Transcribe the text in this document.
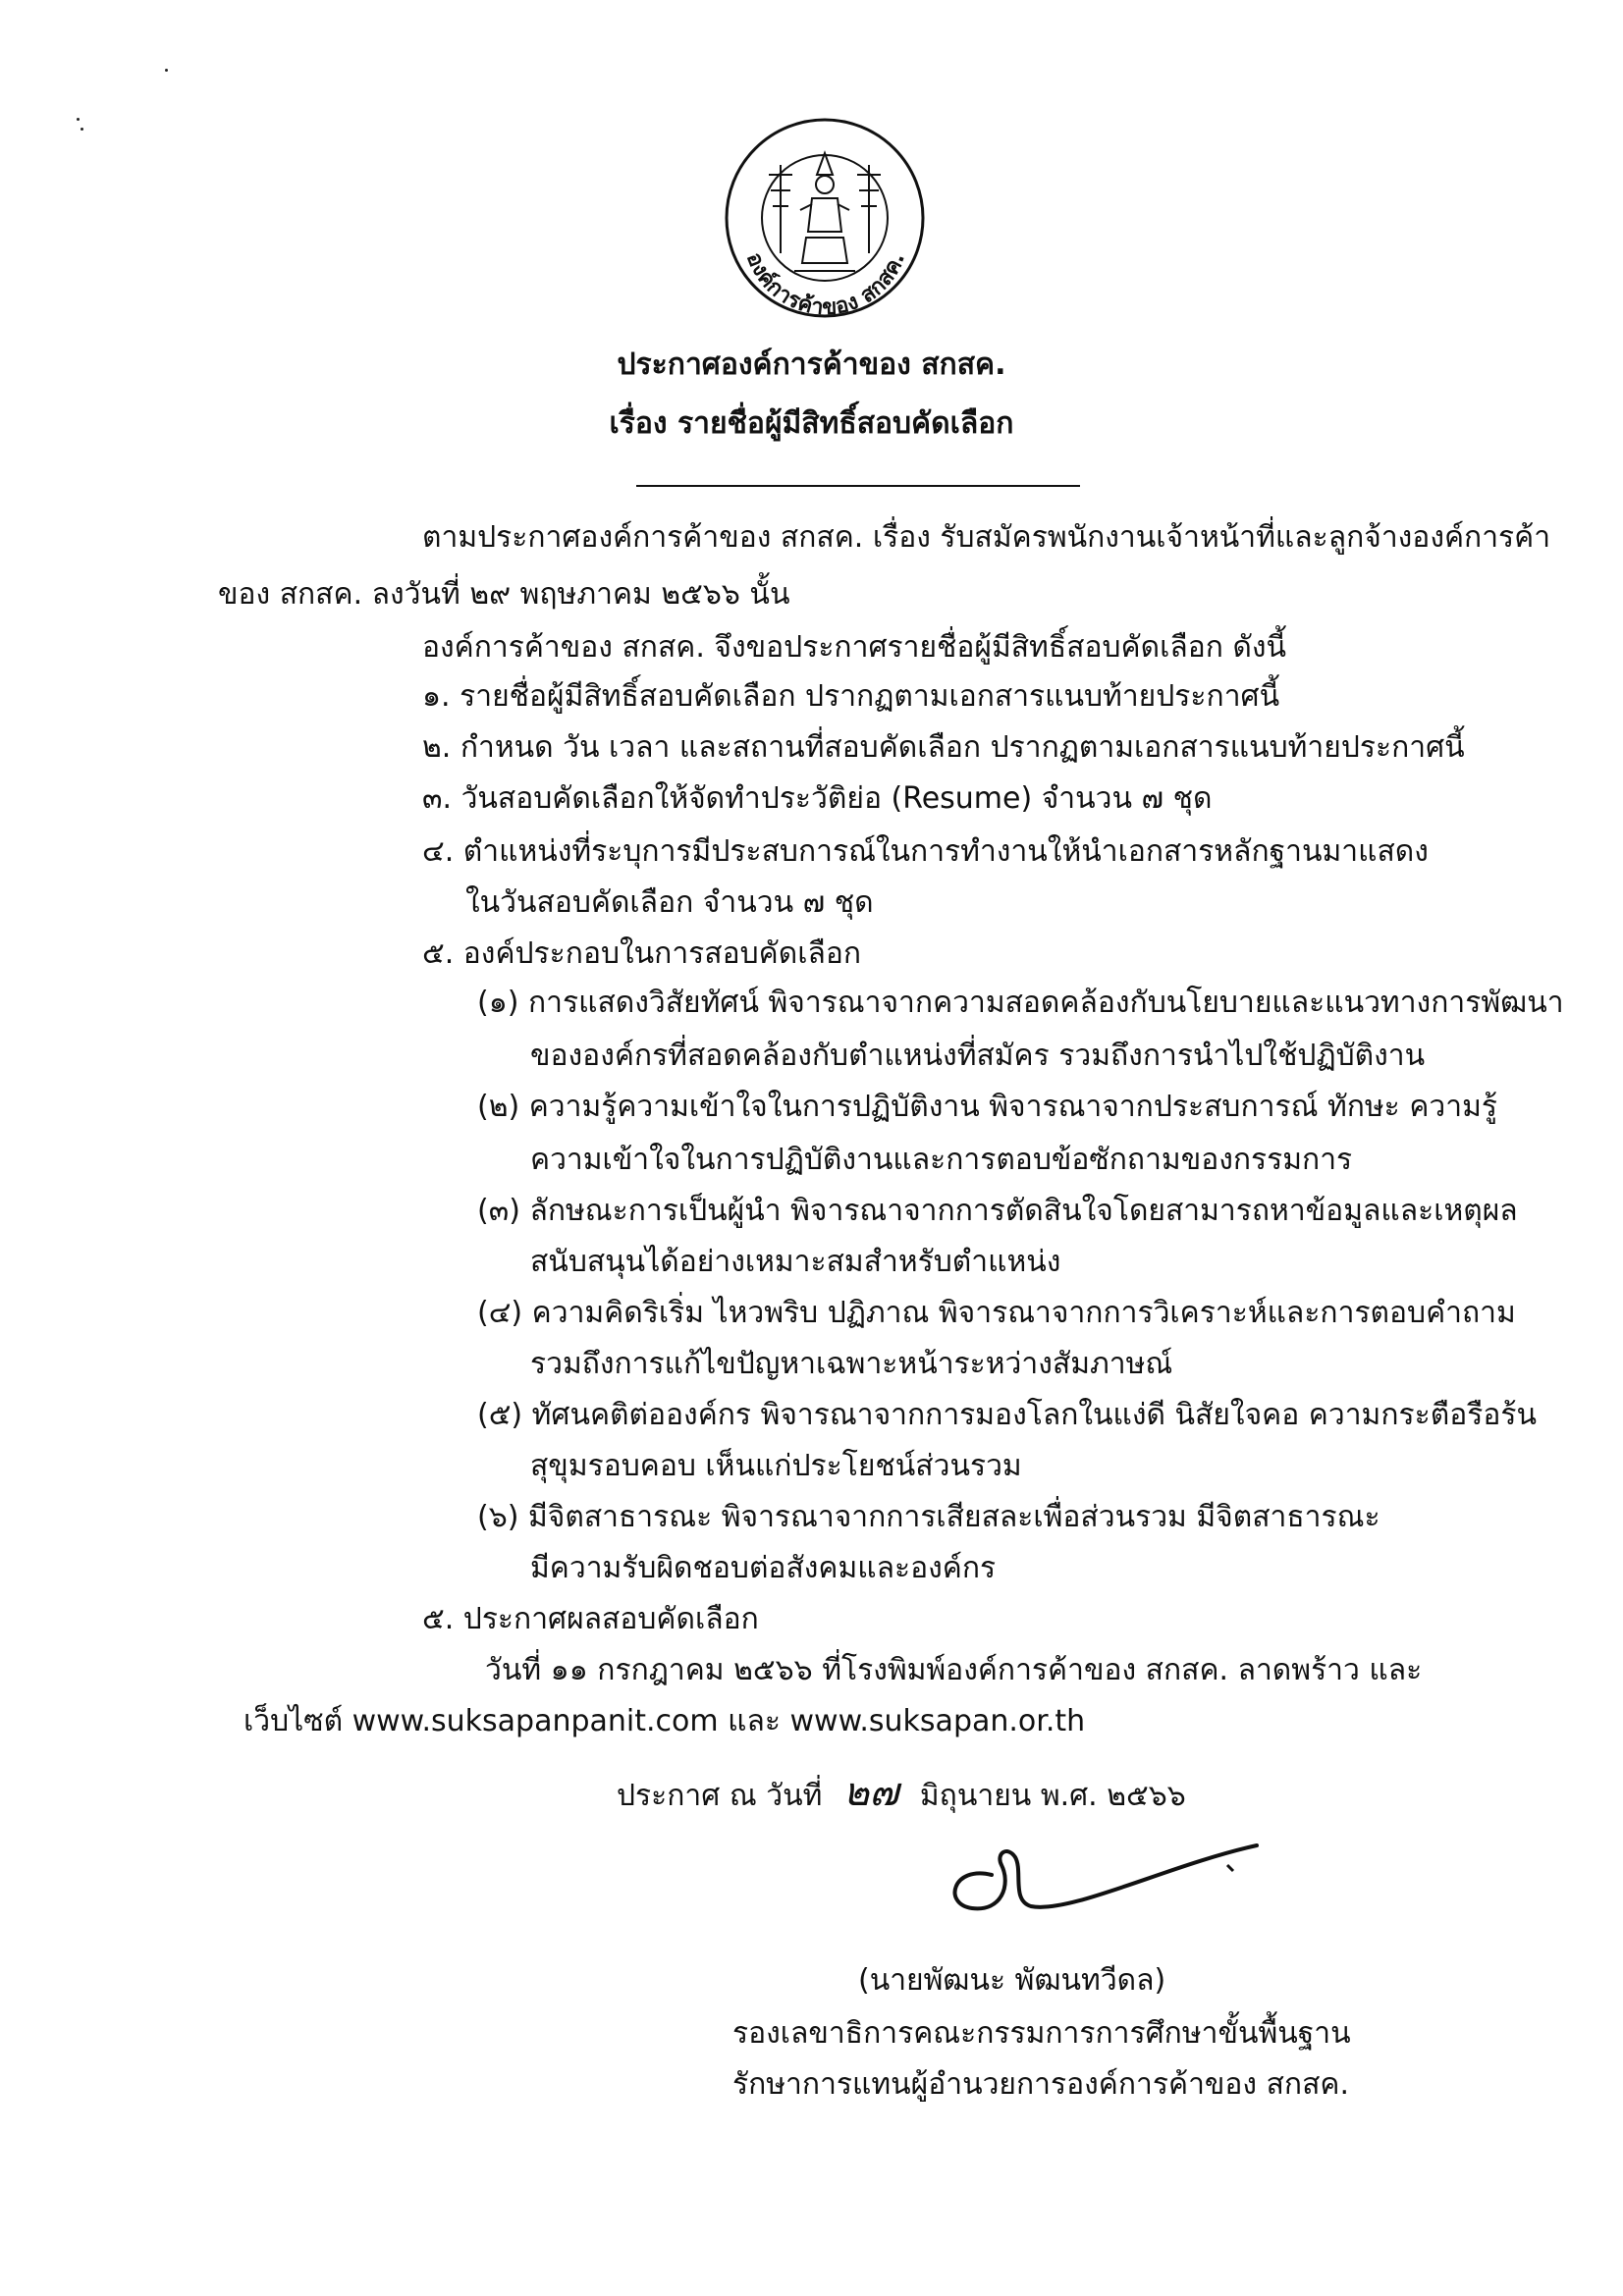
องค์การค้าของ สกสค.
ประกาศองค์การค้าของ สกสค.
เรื่อง รายชื่อผู้มีสิทธิ์สอบคัดเลือก
ตามประกาศองค์การค้าของ สกสค. เรื่อง รับสมัครพนักงานเจ้าหน้าที่และลูกจ้างองค์การค้า
ของ สกสค. ลงวันที่ ๒๙ พฤษภาคม ๒๕๖๖ นั้น
องค์การค้าของ สกสค. จึงขอประกาศรายชื่อผู้มีสิทธิ์สอบคัดเลือก ดังนี้
๑. รายชื่อผู้มีสิทธิ์สอบคัดเลือก ปรากฏตามเอกสารแนบท้ายประกาศนี้
๒. กำหนด วัน เวลา และสถานที่สอบคัดเลือก ปรากฏตามเอกสารแนบท้ายประกาศนี้
๓. วันสอบคัดเลือกให้จัดทำประวัติย่อ (Resume) จำนวน ๗ ชุด
๔. ตำแหน่งที่ระบุการมีประสบการณ์ในการทำงานให้นำเอกสารหลักฐานมาแสดง
ในวันสอบคัดเลือก จำนวน ๗ ชุด
๕. องค์ประกอบในการสอบคัดเลือก
(๑) การแสดงวิสัยทัศน์ พิจารณาจากความสอดคล้องกับนโยบายและแนวทางการพัฒนา
ขององค์กรที่สอดคล้องกับตำแหน่งที่สมัคร รวมถึงการนำไปใช้ปฏิบัติงาน
(๒) ความรู้ความเข้าใจในการปฏิบัติงาน พิจารณาจากประสบการณ์ ทักษะ ความรู้
ความเข้าใจในการปฏิบัติงานและการตอบข้อซักถามของกรรมการ
(๓) ลักษณะการเป็นผู้นำ พิจารณาจากการตัดสินใจโดยสามารถหาข้อมูลและเหตุผล
สนับสนุนได้อย่างเหมาะสมสำหรับตำแหน่ง
(๔) ความคิดริเริ่ม ไหวพริบ ปฏิภาณ พิจารณาจากการวิเคราะห์และการตอบคำถาม
รวมถึงการแก้ไขปัญหาเฉพาะหน้าระหว่างสัมภาษณ์
(๕) ทัศนคติต่อองค์กร พิจารณาจากการมองโลกในแง่ดี นิสัยใจคอ ความกระตือรือร้น
สุขุมรอบคอบ เห็นแก่ประโยชน์ส่วนรวม
(๖) มีจิตสาธารณะ พิจารณาจากการเสียสละเพื่อส่วนรวม มีจิตสาธารณะ
มีความรับผิดชอบต่อสังคมและองค์กร
๕. ประกาศผลสอบคัดเลือก
วันที่ ๑๑ กรกฎาคม ๒๕๖๖ ที่โรงพิมพ์องค์การค้าของ สกสค. ลาดพร้าว และ
เว็บไซต์ www.suksapanpanit.com และ www.suksapan.or.th
ประกาศ ณ วันที่ ๒๗ มิถุนายน พ.ศ. ๒๕๖๖
(นายพัฒนะ พัฒนทวีดล)
รองเลขาธิการคณะกรรมการการศึกษาขั้นพื้นฐาน
รักษาการแทนผู้อำนวยการองค์การค้าของ สกสค.
